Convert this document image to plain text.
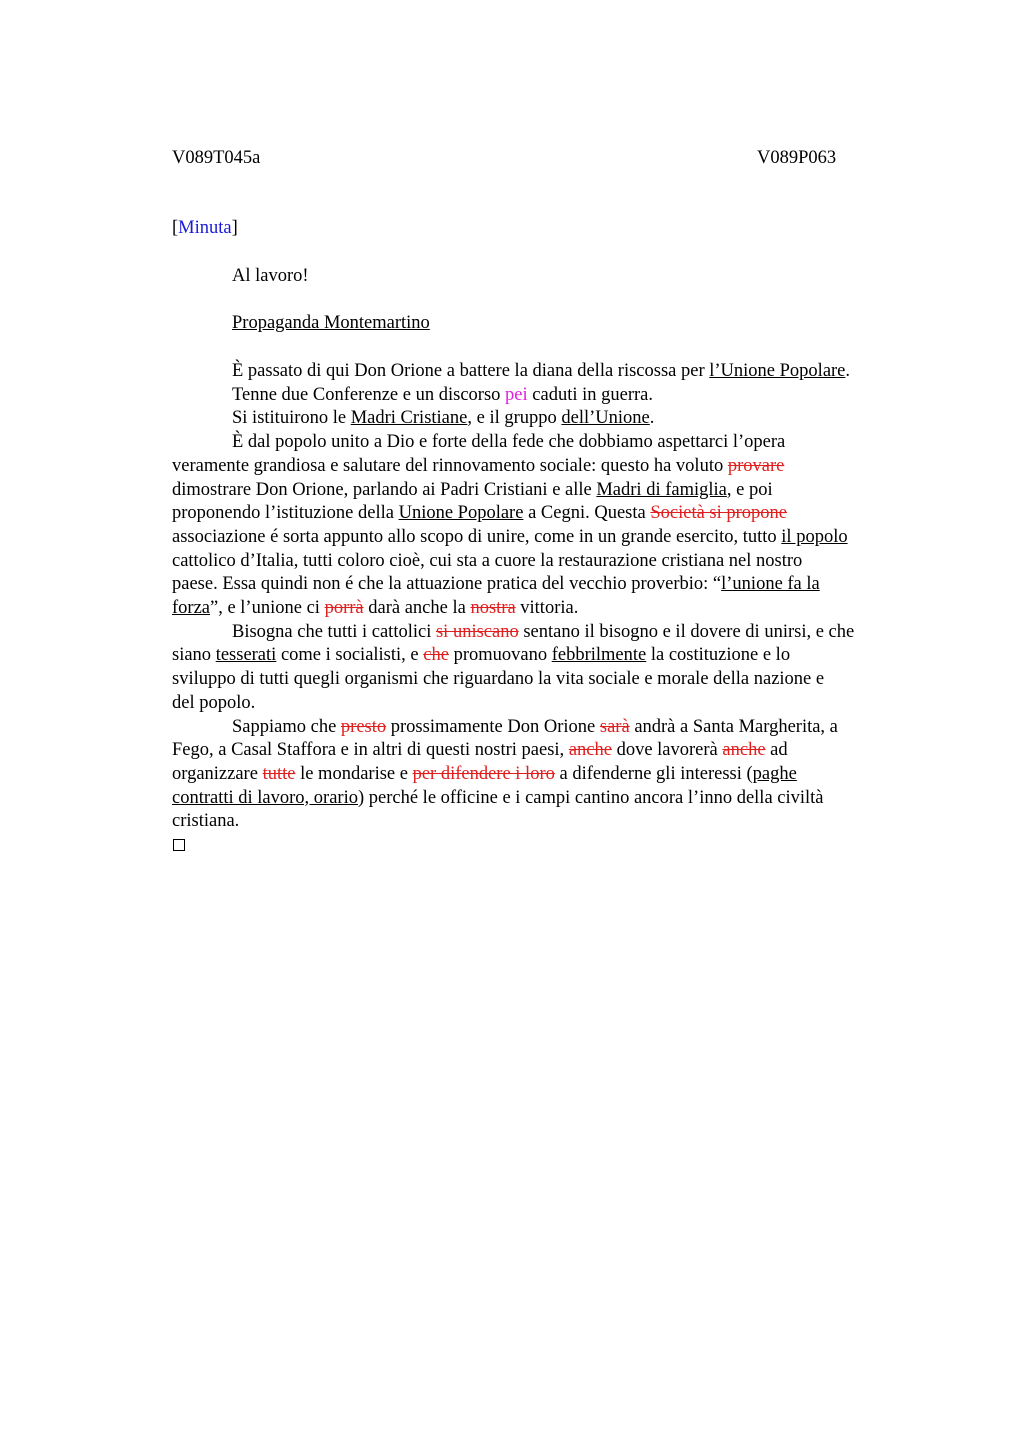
V089T045a	V089P063
[Minuta]
Al lavoro!
Propaganda Montemartino
È passato di qui Don Orione a battere la diana della riscossa per l’Unione Popolare.
Tenne due Conferenze e un discorso pei caduti in guerra.
Si istituirono le Madri Cristiane, e il gruppo dell’Unione.
È dal popolo unito a Dio e forte della fede che dobbiamo aspettarci l’opera
veramente grandiosa e salutare del rinnovamento sociale: questo ha voluto provare
dimostrare Don Orione, parlando ai Padri Cristiani e alle Madri di famiglia, e poi
proponendo l’istituzione della Unione Popolare a Cegni. Questa Società si propone
associazione é sorta appunto allo scopo di unire, come in un grande esercito, tutto il popolo
cattolico d’Italia, tutti coloro cioè, cui sta a cuore la restaurazione cristiana nel nostro
paese. Essa quindi non é che la attuazione pratica del vecchio proverbio: “l’unione fa la
forza”, e l’unione ci porrà darà anche la nostra vittoria.
Bisogna che tutti i cattolici si uniscano sentano il bisogno e il dovere di unirsi, e che
siano tesserati come i socialisti, e che promuovano febbrilmente la costituzione e lo
sviluppo di tutti quegli organismi che riguardano la vita sociale e morale della nazione e
del popolo.
Sappiamo che presto prossimamente Don Orione sarà andrà a Santa Margherita, a
Fego, a Casal Staffora e in altri di questi nostri paesi, anche dove lavorerà anche ad
organizzare tutte le mondarise e per difendere i loro a difenderne gli interessi (paghe
contratti di lavoro, orario) perché le officine e i campi cantino ancora l’inno della civiltà
cristiana.
